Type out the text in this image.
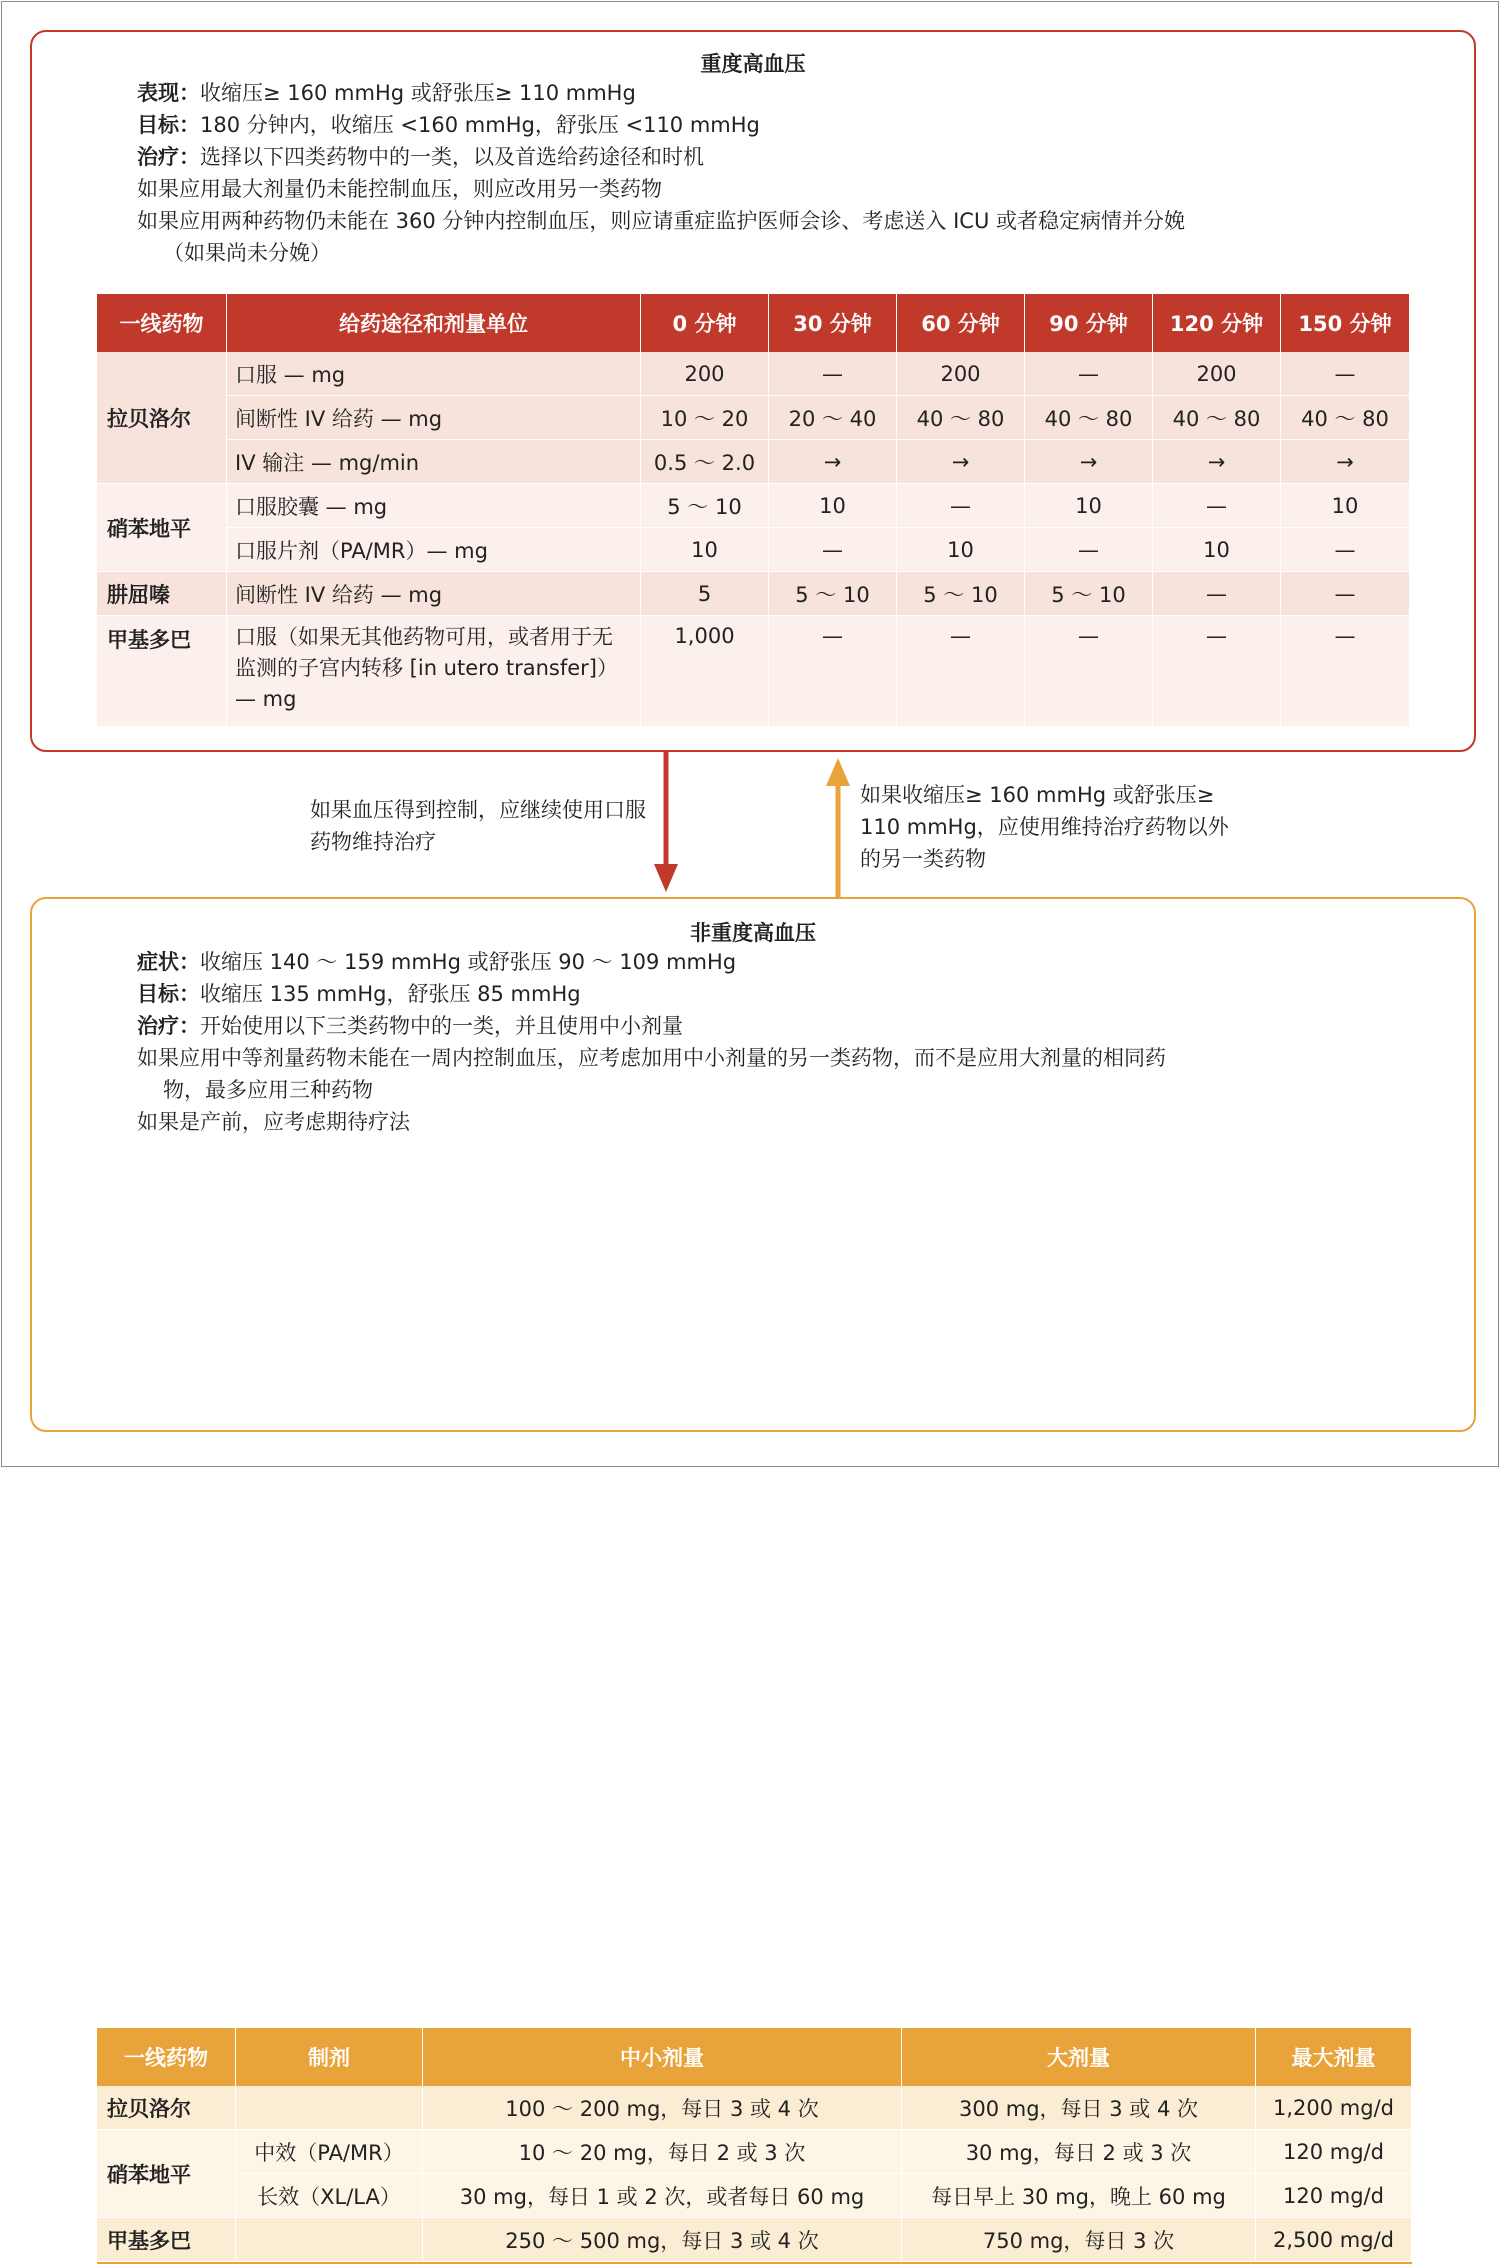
重度高血压
表现：收缩压≥ 160 mmHg 或舒张压≥ 110 mmHg
目标：180 分钟内，收缩压 <160 mmHg，舒张压 <110 mmHg
治疗：选择以下四类药物中的一类，以及首选给药途径和时机
如果应用最大剂量仍未能控制血压，则应改用另一类药物
如果应用两种药物仍未能在 360 分钟内控制血压，则应请重症监护医师会诊、考虑送入 ICU 或者稳定病情并分娩
（如果尚未分娩）
一线药物	给药途径和剂量单位	0 分钟	30 分钟	60 分钟	90 分钟	120 分钟	150 分钟
拉贝洛尔	口服 — mg	200	—	200	—	200	—
	间断性 IV 给药 — mg	10 ～ 20	20 ～ 40	40 ～ 80	40 ～ 80	40 ～ 80	40 ～ 80
	IV 输注 — mg/min	0.5 ～ 2.0	→	→	→	→	→
硝苯地平	口服胶囊 — mg	5 ～ 10	10	—	10	—	10
	口服片剂（PA/MR）— mg	10	—	10	—	10	—
肼屈嗪	间断性 IV 给药 — mg	5	5 ～ 10	5 ～ 10	5 ～ 10	—	—
甲基多巴	口服（如果无其他药物可用，或者用于无监测的子宫内转移 [in utero transfer]）— mg	1,000	—	—	—	—	—
如果血压得到控制，应继续使用口服药物维持治疗
如果收缩压≥ 160 mmHg 或舒张压≥ 110 mmHg，应使用维持治疗药物以外的另一类药物
非重度高血压
症状：收缩压 140 ～ 159 mmHg 或舒张压 90 ～ 109 mmHg
目标：收缩压 135 mmHg，舒张压 85 mmHg
治疗：开始使用以下三类药物中的一类，并且使用中小剂量
如果应用中等剂量药物未能在一周内控制血压，应考虑加用中小剂量的另一类药物，而不是应用大剂量的相同药
物，最多应用三种药物
如果是产前，应考虑期待疗法
一线药物	制剂	中小剂量	大剂量	最大剂量
拉贝洛尔		100 ～ 200 mg，每日 3 或 4 次	300 mg，每日 3 或 4 次	1,200 mg/d
硝苯地平	中效（PA/MR）	10 ～ 20 mg，每日 2 或 3 次	30 mg，每日 2 或 3 次	120 mg/d
	长效（XL/LA）	30 mg，每日 1 或 2 次，或者每日 60 mg	每日早上 30 mg，晚上 60 mg	120 mg/d
甲基多巴		250 ～ 500 mg，每日 3 或 4 次	750 mg，每日 3 次	2,500 mg/d
